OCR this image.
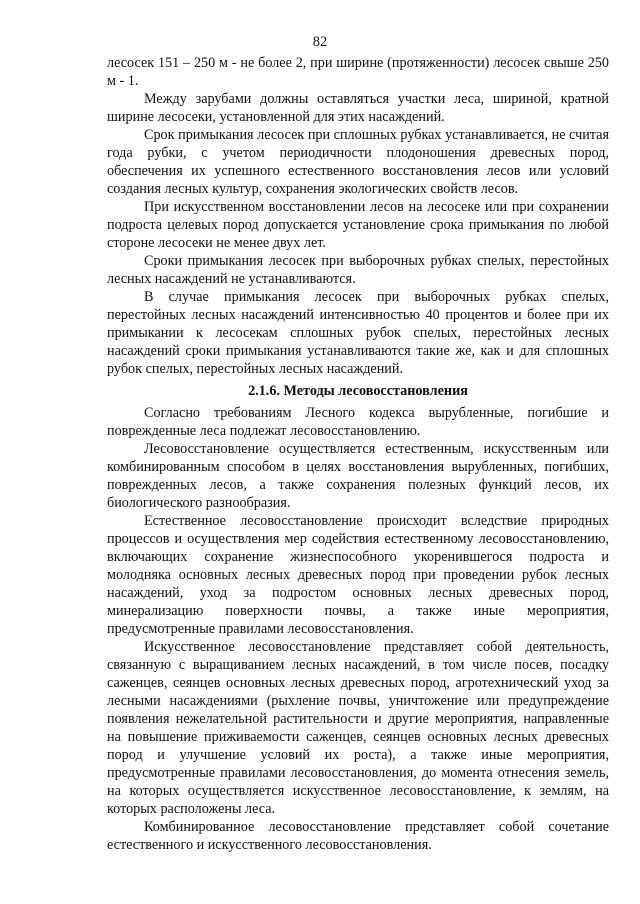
82

лесосек 151 – 250 м - не более 2, при ширине (протяженности) лесосек свыше 250 м - 1.

Между зарубами должны оставляться участки леса, шириной, кратной ширине лесосеки, установленной для этих насаждений.

Срок примыкания лесосек при сплошных рубках устанавливается, не считая года рубки, с учетом периодичности плодоношения древесных пород, обеспечения их успешного естественного восстановления лесов или условий создания лесных культур, сохранения экологических свойств лесов.

При искусственном восстановлении лесов на лесосеке или при сохранении подроста целевых пород допускается установление срока примыкания по любой стороне лесосеки не менее двух лет.

Сроки примыкания лесосек при выборочных рубках спелых, перестойных лесных насаждений не устанавливаются.

В случае примыкания лесосек при выборочных рубках спелых, перестойных лесных насаждений интенсивностью 40 процентов и более при их примыкании к лесосекам сплошных рубок спелых, перестойных лесных насаждений сроки примыкания устанавливаются такие же, как и для сплошных рубок спелых, перестойных лесных насаждений.

2.1.6. Методы лесовосстановления

Согласно требованиям Лесного кодекса вырубленные, погибшие и поврежденные леса подлежат лесовосстановлению.

Лесовосстановление осуществляется естественным, искусственным или комбинированным способом в целях восстановления вырубленных, погибших, поврежденных лесов, а также сохранения полезных функций лесов, их биологического разнообразия.

Естественное лесовосстановление происходит вследствие природных процессов и осуществления мер содействия естественному лесовосстановлению, включающих сохранение жизнеспособного укоренившегося подроста и молодняка основных лесных древесных пород при проведении рубок лесных насаждений, уход за подростом основных лесных древесных пород, минерализацию поверхности почвы, а также иные мероприятия, предусмотренные правилами лесовосстановления.

Искусственное лесовосстановление представляет собой деятельность, связанную с выращиванием лесных насаждений, в том числе посев, посадку саженцев, сеянцев основных лесных древесных пород, агротехнический уход за лесными насаждениями (рыхление почвы, уничтожение или предупреждение появления нежелательной растительности и другие мероприятия, направленные на повышение приживаемости саженцев, сеянцев основных лесных древесных пород и улучшение условий их роста), а также иные мероприятия, предусмотренные правилами лесовосстановления, до момента отнесения земель, на которых осуществляется искусственное лесовосстановление, к землям, на которых расположены леса.

Комбинированное лесовосстановление представляет собой сочетание естественного и искусственного лесовосстановления.
